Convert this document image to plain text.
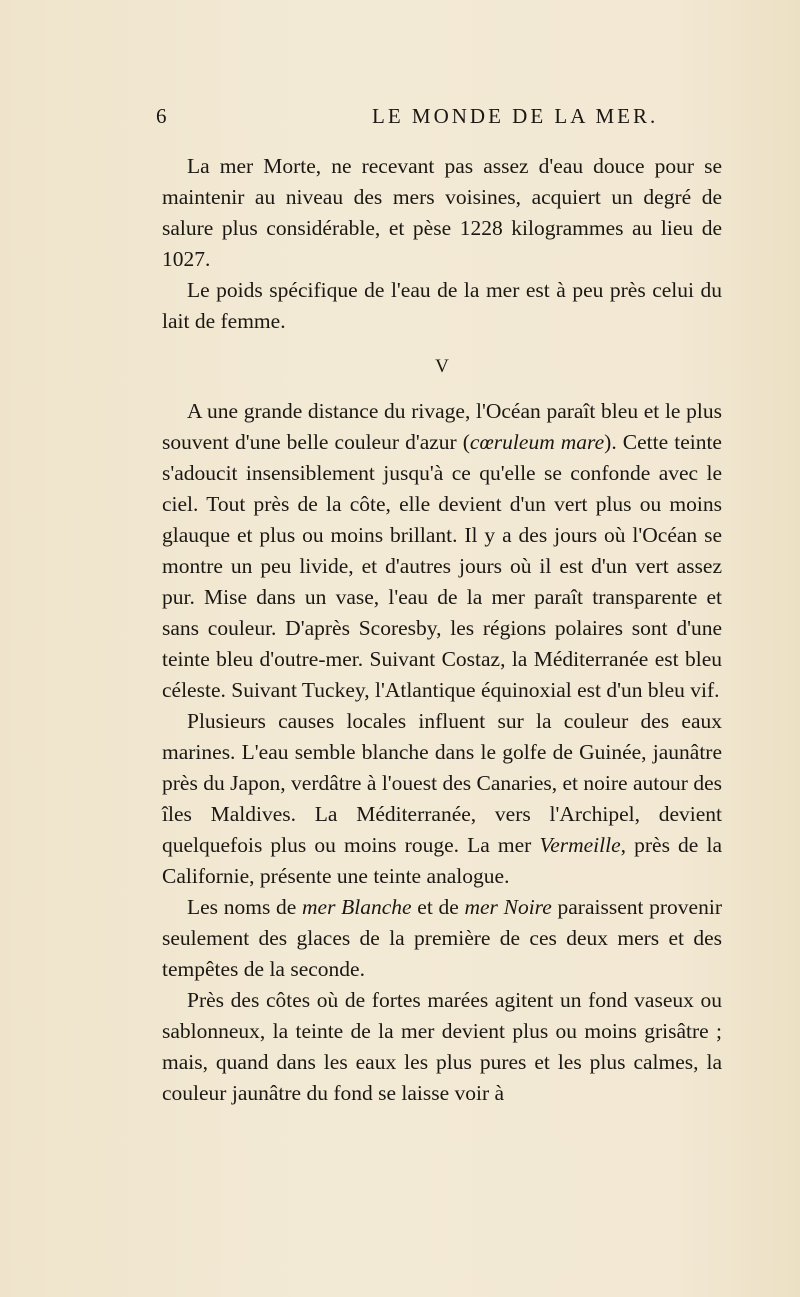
6	LE MONDE DE LA MER.

La mer Morte, ne recevant pas assez d'eau douce pour se maintenir au niveau des mers voisines, acquiert un degré de salure plus considérable, et pèse 1228 kilogrammes au lieu de 1027.

Le poids spécifique de l'eau de la mer est à peu près celui du lait de femme.

V

A une grande distance du rivage, l'Océan paraît bleu et le plus souvent d'une belle couleur d'azur (cœruleum mare). Cette teinte s'adoucit insensiblement jusqu'à ce qu'elle se confonde avec le ciel. Tout près de la côte, elle devient d'un vert plus ou moins glauque et plus ou moins brillant. Il y a des jours où l'Océan se montre un peu livide, et d'autres jours où il est d'un vert assez pur. Mise dans un vase, l'eau de la mer paraît transparente et sans couleur. D'après Scoresby, les régions polaires sont d'une teinte bleu d'outre-mer. Suivant Costaz, la Méditerranée est bleu céleste. Suivant Tuckey, l'Atlantique équinoxial est d'un bleu vif.

Plusieurs causes locales influent sur la couleur des eaux marines. L'eau semble blanche dans le golfe de Guinée, jaunâtre près du Japon, verdâtre à l'ouest des Canaries, et noire autour des îles Maldives. La Méditerranée, vers l'Archipel, devient quelquefois plus ou moins rouge. La mer Vermeille, près de la Californie, présente une teinte analogue.

Les noms de mer Blanche et de mer Noire paraissent provenir seulement des glaces de la première de ces deux mers et des tempêtes de la seconde.

Près des côtes où de fortes marées agitent un fond vaseux ou sablonneux, la teinte de la mer devient plus ou moins grisâtre ; mais, quand dans les eaux les plus pures et les plus calmes, la couleur jaunâtre du fond se laisse voir à
